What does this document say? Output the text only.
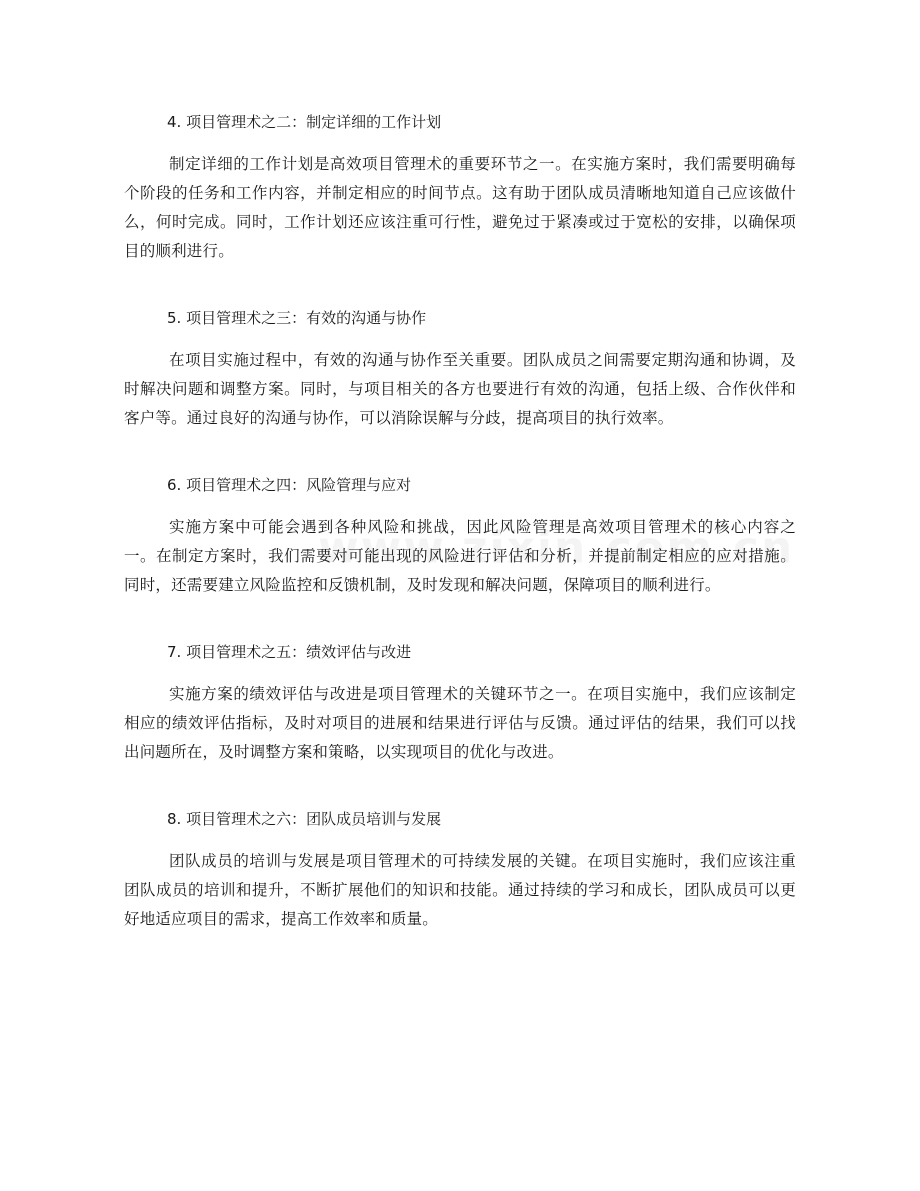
4. 项目管理术之二：制定详细的工作计划

制定详细的工作计划是高效项目管理术的重要环节之一。在实施方案时，我们需要明确每个阶段的任务和工作内容，并制定相应的时间节点。这有助于团队成员清晰地知道自己应该做什么，何时完成。同时，工作计划还应该注重可行性，避免过于紧凑或过于宽松的安排，以确保项目的顺利进行。

5. 项目管理术之三：有效的沟通与协作

在项目实施过程中，有效的沟通与协作至关重要。团队成员之间需要定期沟通和协调，及时解决问题和调整方案。同时，与项目相关的各方也要进行有效的沟通，包括上级、合作伙伴和客户等。通过良好的沟通与协作，可以消除误解与分歧，提高项目的执行效率。

6. 项目管理术之四：风险管理与应对

实施方案中可能会遇到各种风险和挑战，因此风险管理是高效项目管理术的核心内容之一。在制定方案时，我们需要对可能出现的风险进行评估和分析，并提前制定相应的应对措施。同时，还需要建立风险监控和反馈机制，及时发现和解决问题，保障项目的顺利进行。

7. 项目管理术之五：绩效评估与改进

实施方案的绩效评估与改进是项目管理术的关键环节之一。在项目实施中，我们应该制定相应的绩效评估指标，及时对项目的进展和结果进行评估与反馈。通过评估的结果，我们可以找出问题所在，及时调整方案和策略，以实现项目的优化与改进。

8. 项目管理术之六：团队成员培训与发展

团队成员的培训与发展是项目管理术的可持续发展的关键。在项目实施时，我们应该注重团队成员的培训和提升，不断扩展他们的知识和技能。通过持续的学习和成长，团队成员可以更好地适应项目的需求，提高工作效率和质量。
